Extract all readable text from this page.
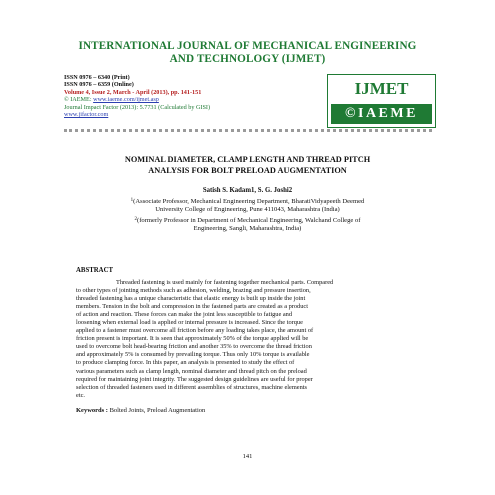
INTERNATIONAL JOURNAL OF MECHANICAL ENGINEERING
AND TECHNOLOGY (IJMET)
ISSN 0976 – 6340 (Print)
ISSN 0976 – 6359 (Online)
Volume 4, Issue 2, March - April (2013), pp. 141-151
© IAEME: www.iaeme.com/ijmet.asp
Journal Impact Factor (2013): 5.7731 (Calculated by GISI)
www.jifactor.com
IJMET
©IAEME
NOMINAL DIAMETER, CLAMP LENGTH AND THREAD PITCH
ANALYSIS FOR BOLT PRELOAD AUGMENTATION
Satish S. Kadam1, S. G. Joshi2
$^1$(Associate Professor, Mechanical Engineering Department, BharatiVidyapeeth Deemed
University College of Engineering, Pune 411043, Maharashtra (India)
$^2$(formerly Professor in Department of Mechanical Engineering, Walchand College of
Engineering, Sangli, Maharashtra, India)
ABSTRACT
Threaded fastening is used mainly for fastening together mechanical parts. Compared
to other types of jointing methods such as adhesion, welding, brazing and pressure insertion,
threaded fastening has a unique characteristic that elastic energy is built up inside the joint
members. Tension in the bolt and compression in the fastened parts are created as a product
of action and reaction. These forces can make the joint less susceptible to fatigue and
loosening when external load is applied or internal pressure is increased. Since the torque
applied to a fastener must overcome all friction before any loading takes place, the amount of
friction present is important. It is seen that approximately 50% of the torque applied will be
used to overcome bolt head-bearing friction and another 35% to overcome the thread friction
and approximately 5% is consumed by prevailing torque. Thus only 10% torque is available
to produce clamping force. In this paper, an analysis is presented to study the effect of
various parameters such as clamp length, nominal diameter and thread pitch on the preload
required for maintaining joint integrity. The suggested design guidelines are useful for proper
selection of threaded fasteners used in different assemblies of structures, machine elements
etc.
Keywords : Bolted Joints, Preload Augmentation
141
